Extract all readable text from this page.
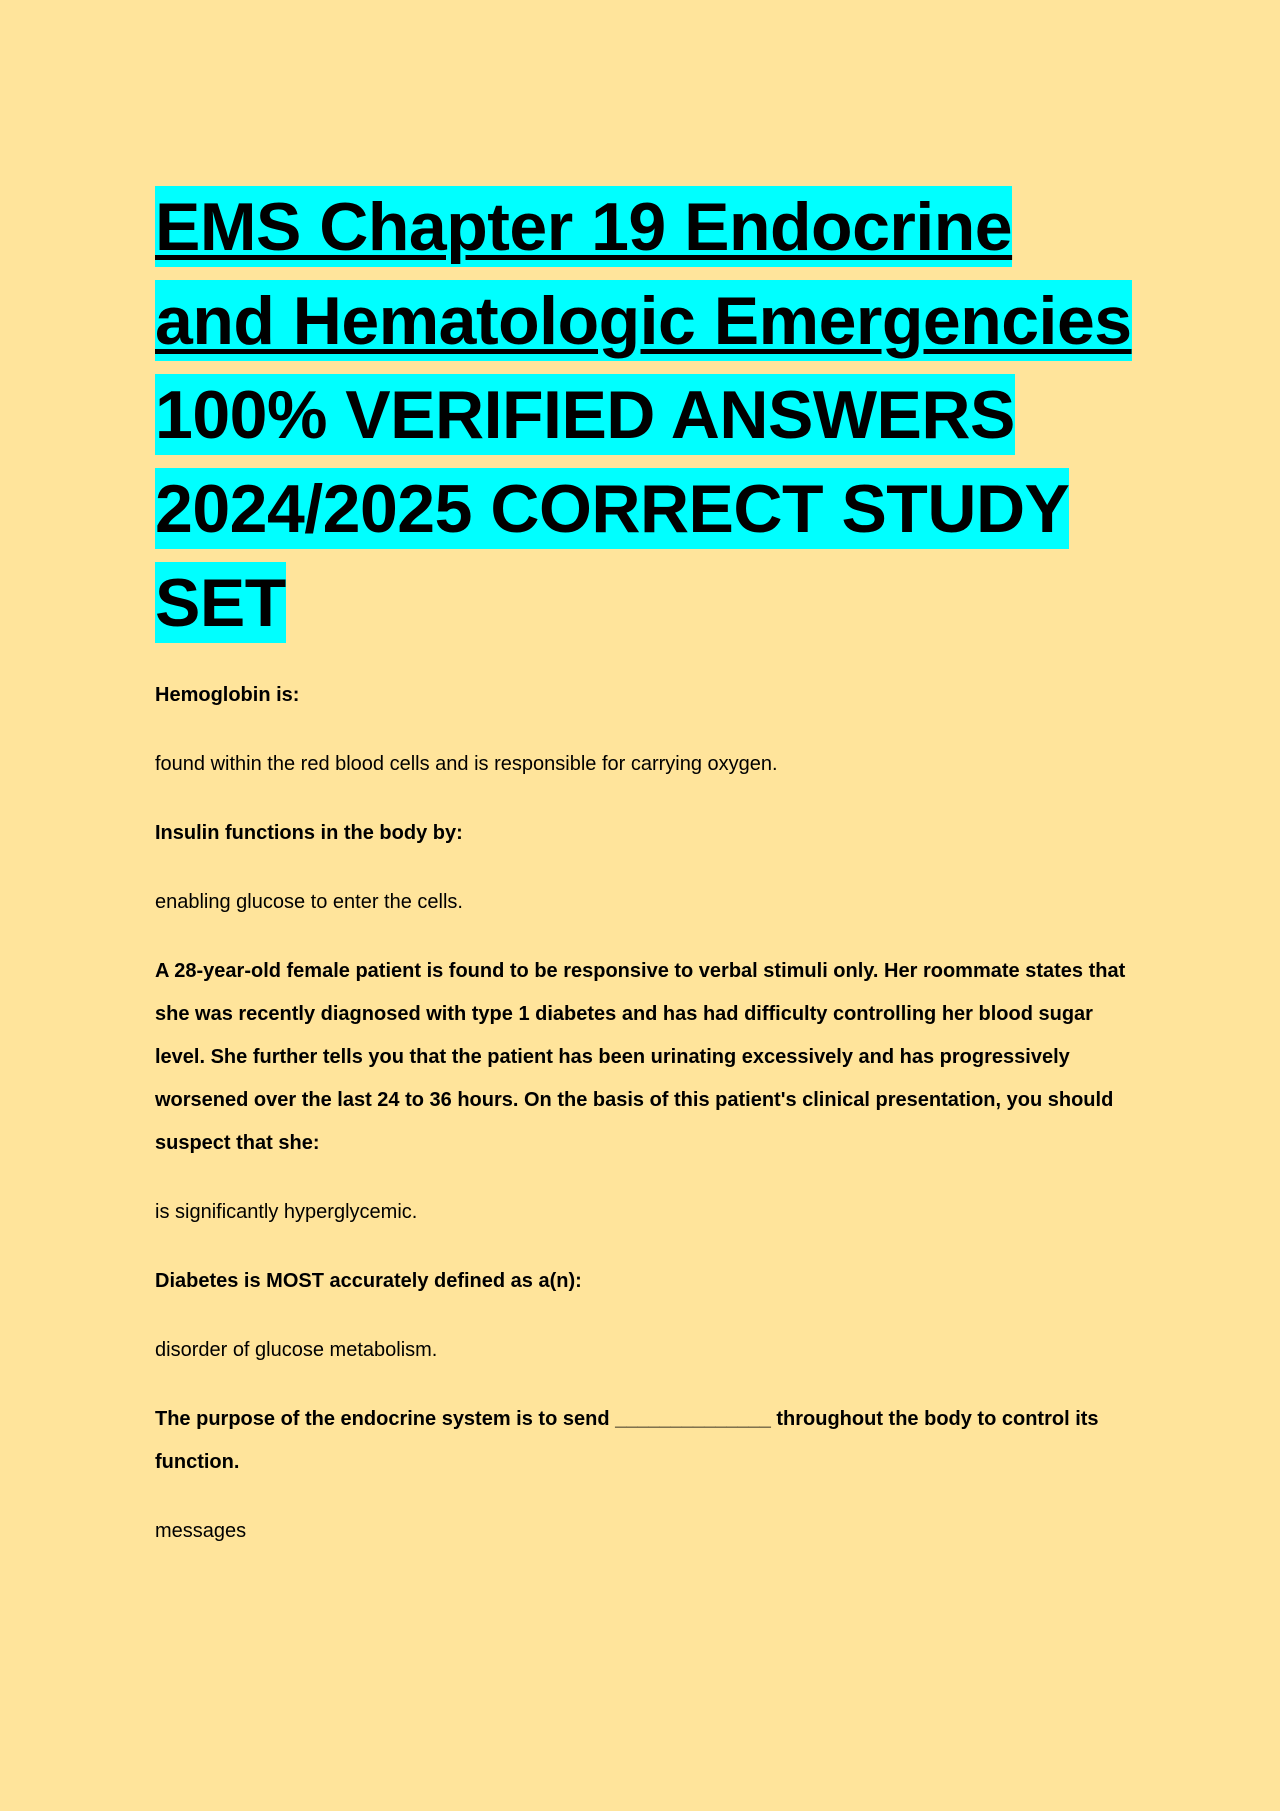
EMS Chapter 19 Endocrine and Hematologic Emergencies 100% VERIFIED ANSWERS 2024/2025 CORRECT STUDY SET

Hemoglobin is:

found within the red blood cells and is responsible for carrying oxygen.

Insulin functions in the body by:

enabling glucose to enter the cells.

A 28-year-old female patient is found to be responsive to verbal stimuli only. Her roommate states that she was recently diagnosed with type 1 diabetes and has had difficulty controlling her blood sugar level. She further tells you that the patient has been urinating excessively and has progressively worsened over the last 24 to 36 hours. On the basis of this patient's clinical presentation, you should suspect that she:

is significantly hyperglycemic.

Diabetes is MOST accurately defined as a(n):

disorder of glucose metabolism.

The purpose of the endocrine system is to send ______________ throughout the body to control its function.

messages
